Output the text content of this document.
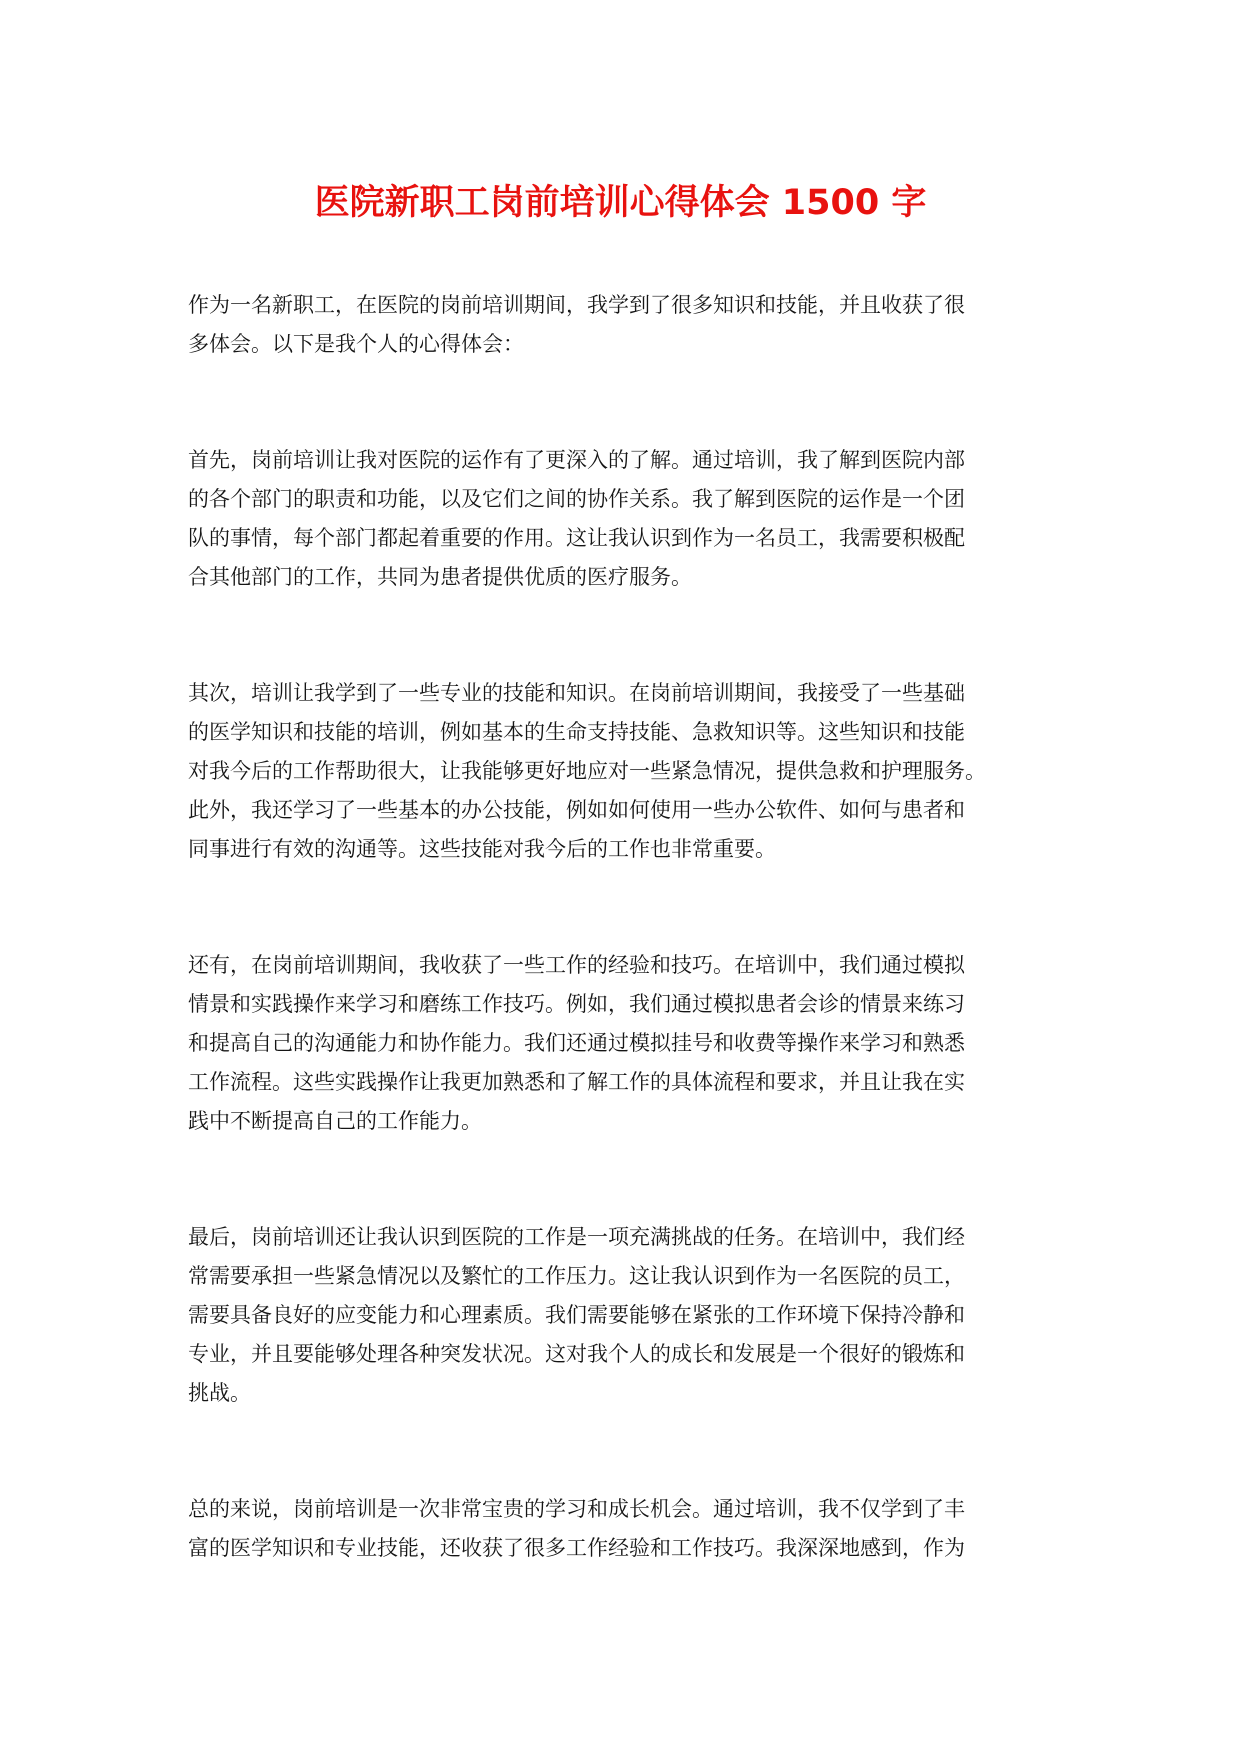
医院新职工岗前培训心得体会 1500 字

作为一名新职工，在医院的岗前培训期间，我学到了很多知识和技能，并且收获了很
多体会。以下是我个人的心得体会：

首先，岗前培训让我对医院的运作有了更深入的了解。通过培训，我了解到医院内部
的各个部门的职责和功能，以及它们之间的协作关系。我了解到医院的运作是一个团
队的事情，每个部门都起着重要的作用。这让我认识到作为一名员工，我需要积极配
合其他部门的工作，共同为患者提供优质的医疗服务。

其次，培训让我学到了一些专业的技能和知识。在岗前培训期间，我接受了一些基础
的医学知识和技能的培训，例如基本的生命支持技能、急救知识等。这些知识和技能
对我今后的工作帮助很大，让我能够更好地应对一些紧急情况，提供急救和护理服务。
此外，我还学习了一些基本的办公技能，例如如何使用一些办公软件、如何与患者和
同事进行有效的沟通等。这些技能对我今后的工作也非常重要。

还有，在岗前培训期间，我收获了一些工作的经验和技巧。在培训中，我们通过模拟
情景和实践操作来学习和磨练工作技巧。例如，我们通过模拟患者会诊的情景来练习
和提高自己的沟通能力和协作能力。我们还通过模拟挂号和收费等操作来学习和熟悉
工作流程。这些实践操作让我更加熟悉和了解工作的具体流程和要求，并且让我在实
践中不断提高自己的工作能力。

最后，岗前培训还让我认识到医院的工作是一项充满挑战的任务。在培训中，我们经
常需要承担一些紧急情况以及繁忙的工作压力。这让我认识到作为一名医院的员工，
需要具备良好的应变能力和心理素质。我们需要能够在紧张的工作环境下保持冷静和
专业，并且要能够处理各种突发状况。这对我个人的成长和发展是一个很好的锻炼和
挑战。

总的来说，岗前培训是一次非常宝贵的学习和成长机会。通过培训，我不仅学到了丰
富的医学知识和专业技能，还收获了很多工作经验和工作技巧。我深深地感到，作为
